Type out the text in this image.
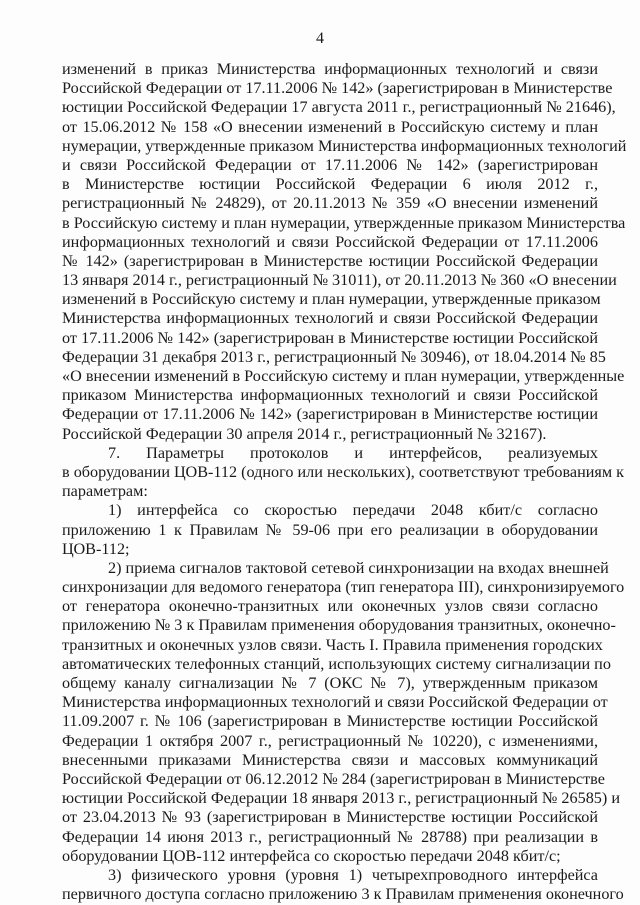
4
изменений в приказ Министерства информационных технологий и связи
Российской Федерации от 17.11.2006 № 142» (зарегистрирован в Министерстве
юстиции Российской Федерации 17 августа 2011 г., регистрационный № 21646),
от 15.06.2012 № 158 «О внесении изменений в Российскую систему и план
нумерации, утвержденные приказом Министерства информационных технологий
и связи Российской Федерации от 17.11.2006 № 142» (зарегистрирован
в Министерстве юстиции Российской Федерации 6 июля 2012 г.,
регистрационный № 24829), от 20.11.2013 № 359 «О внесении изменений
в Российскую систему и план нумерации, утвержденные приказом Министерства
информационных технологий и связи Российской Федерации от 17.11.2006
№ 142» (зарегистрирован в Министерстве юстиции Российской Федерации
13 января 2014 г., регистрационный № 31011), от 20.11.2013 № 360 «О внесении
изменений в Российскую систему и план нумерации, утвержденные приказом
Министерства информационных технологий и связи Российской Федерации
от 17.11.2006 № 142» (зарегистрирован в Министерстве юстиции Российской
Федерации 31 декабря 2013 г., регистрационный № 30946), от 18.04.2014 № 85
«О внесении изменений в Российскую систему и план нумерации, утвержденные
приказом Министерства информационных технологий и связи Российской
Федерации от 17.11.2006 № 142» (зарегистрирован в Министерстве юстиции
Российской Федерации 30 апреля 2014 г., регистрационный № 32167).
7. Параметры протоколов и интерфейсов, реализуемых
в оборудовании ЦОВ-112 (одного или нескольких), соответствуют требованиям к
параметрам:
1) интерфейса со скоростью передачи 2048 кбит/с согласно
приложению 1 к Правилам № 59-06 при его реализации в оборудовании
ЦОВ-112;
2) приема сигналов тактовой сетевой синхронизации на входах внешней
синхронизации для ведомого генератора (тип генератора III), синхронизируемого
от генератора оконечно-транзитных или оконечных узлов связи согласно
приложению № 3 к Правилам применения оборудования транзитных, оконечно-
транзитных и оконечных узлов связи. Часть I. Правила применения городских
автоматических телефонных станций, использующих систему сигнализации по
общему каналу сигнализации № 7 (ОКС № 7), утвержденным приказом
Министерства информационных технологий и связи Российской Федерации от
11.09.2007 г. № 106 (зарегистрирован в Министерстве юстиции Российской
Федерации 1 октября 2007 г., регистрационный № 10220), с изменениями,
внесенными приказами Министерства связи и массовых коммуникаций
Российской Федерации от 06.12.2012 № 284 (зарегистрирован в Министерстве
юстиции Российской Федерации 18 января 2013 г., регистрационный № 26585) и
от 23.04.2013 № 93 (зарегистрирован в Министерстве юстиции Российской
Федерации 14 июня 2013 г., регистрационный № 28788) при реализации в
оборудовании ЦОВ-112 интерфейса со скоростью передачи 2048 кбит/с;
3) физического уровня (уровня 1) четырехпроводного интерфейса
первичного доступа согласно приложению 3 к Правилам применения оконечного
